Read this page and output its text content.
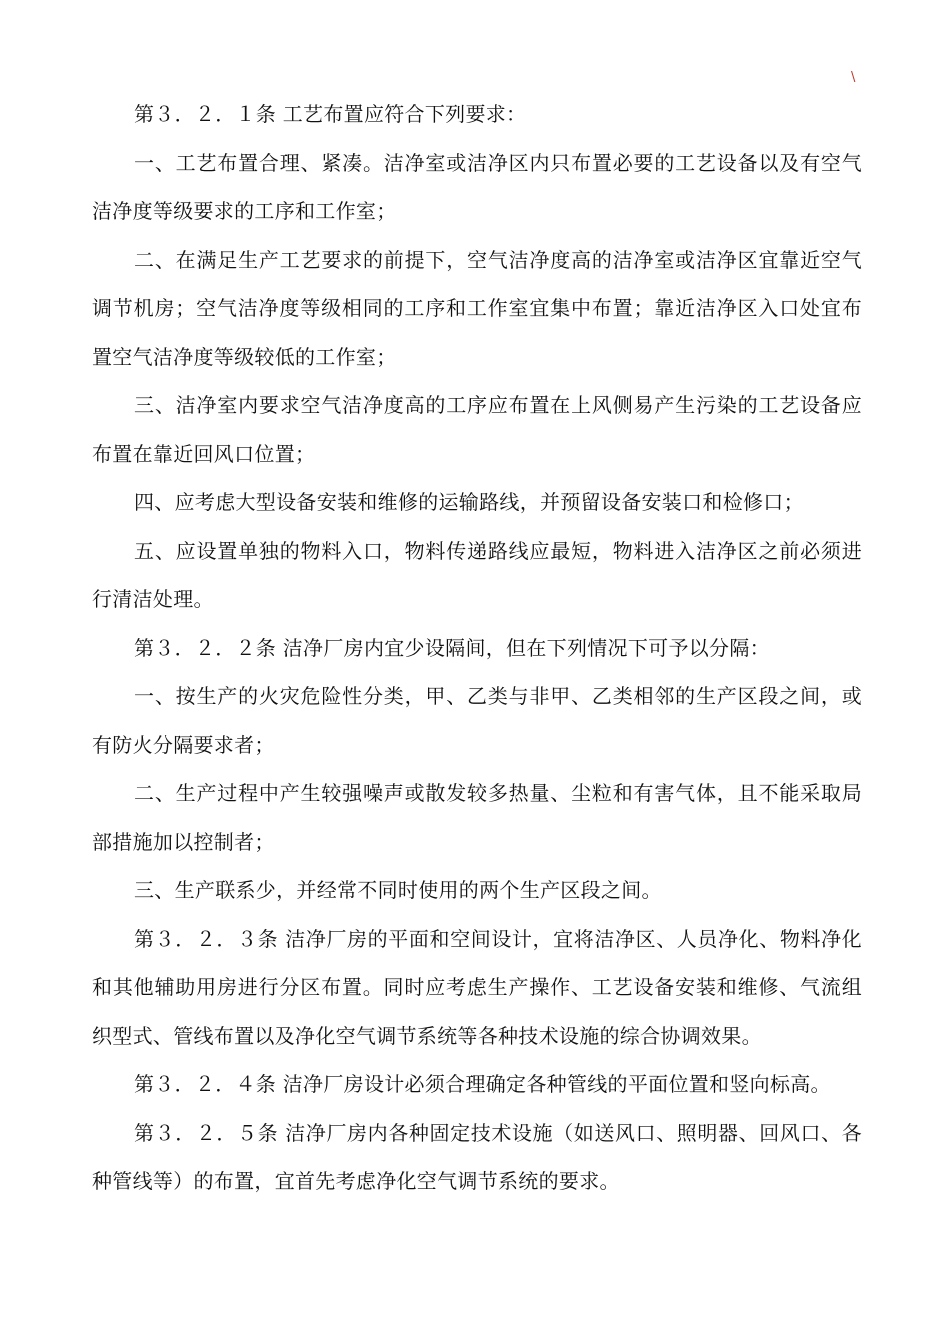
\

第３．２．１条 工艺布置应符合下列要求：

一、工艺布置合理、紧凑。洁净室或洁净区内只布置必要的工艺设备以及有空气洁净度等级要求的工序和工作室；

二、在满足生产工艺要求的前提下，空气洁净度高的洁净室或洁净区宜靠近空气调节机房；空气洁净度等级相同的工序和工作室宜集中布置；靠近洁净区入口处宜布置空气洁净度等级较低的工作室；

三、洁净室内要求空气洁净度高的工序应布置在上风侧易产生污染的工艺设备应布置在靠近回风口位置；

四、应考虑大型设备安装和维修的运输路线，并预留设备安装口和检修口；

五、应设置单独的物料入口，物料传递路线应最短，物料进入洁净区之前必须进行清洁处理。

第３．２．２条 洁净厂房内宜少设隔间，但在下列情况下可予以分隔：

一、按生产的火灾危险性分类，甲、乙类与非甲、乙类相邻的生产区段之间，或有防火分隔要求者；

二、生产过程中产生较强噪声或散发较多热量、尘粒和有害气体，且不能采取局部措施加以控制者；

三、生产联系少，并经常不同时使用的两个生产区段之间。

第３．２．３条 洁净厂房的平面和空间设计，宜将洁净区、人员净化、物料净化和其他辅助用房进行分区布置。同时应考虑生产操作、工艺设备安装和维修、气流组织型式、管线布置以及净化空气调节系统等各种技术设施的综合协调效果。

第３．２．４条 洁净厂房设计必须合理确定各种管线的平面位置和竖向标高。

第３．２．５条 洁净厂房内各种固定技术设施（如送风口、照明器、回风口、各种管线等）的布置，宜首先考虑净化空气调节系统的要求。
